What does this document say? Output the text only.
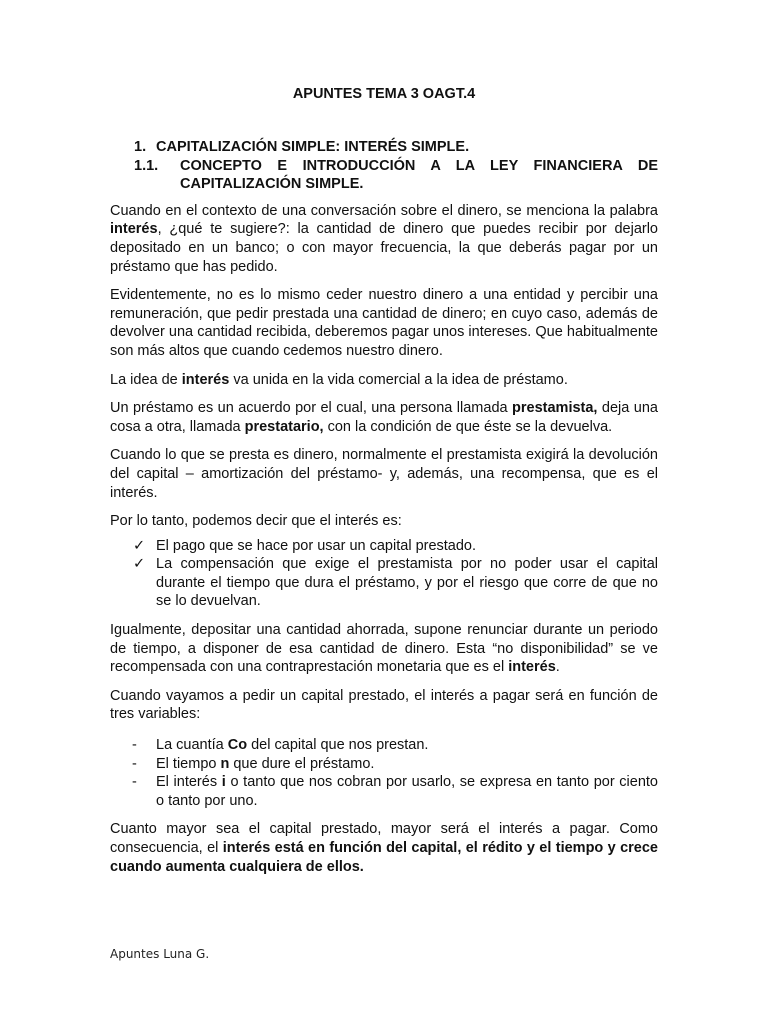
APUNTES TEMA 3 OAGT.4
1. CAPITALIZACIÓN SIMPLE: INTERÉS SIMPLE.
1.1.	CONCEPTO E INTRODUCCIÓN A LA LEY FINANCIERA DE CAPITALIZACIÓN SIMPLE.

Cuando en el contexto de una conversación sobre el dinero, se menciona la palabra interés, ¿qué te sugiere?: la cantidad de dinero que puedes recibir por dejarlo depositado en un banco; o con mayor frecuencia, la que deberás pagar por un préstamo que has pedido.

Evidentemente, no es lo mismo ceder nuestro dinero a una entidad y percibir una remuneración, que pedir prestada una cantidad de dinero; en cuyo caso, además de devolver una cantidad recibida, deberemos pagar unos intereses. Que habitualmente son más altos que cuando cedemos nuestro dinero.

La idea de interés va unida en la vida comercial a la idea de préstamo.

Un préstamo es un acuerdo por el cual, una persona llamada prestamista, deja una cosa a otra, llamada prestatario, con la condición de que éste se la devuelva.

Cuando lo que se presta es dinero, normalmente el prestamista exigirá la devolución del capital – amortización del préstamo- y, además, una recompensa, que es el interés.

Por lo tanto, podemos decir que el interés es:

✓ El pago que se hace por usar un capital prestado.
✓ La compensación que exige el prestamista por no poder usar el capital durante el tiempo que dura el préstamo, y por el riesgo que corre de que no se lo devuelvan.

Igualmente, depositar una cantidad ahorrada, supone renunciar durante un periodo de tiempo, a disponer de esa cantidad de dinero. Esta “no disponibilidad” se ve recompensada con una contraprestación monetaria que es el interés.

Cuando vayamos a pedir un capital prestado, el interés a pagar será en función de tres variables:

-	La cuantía Co del capital que nos prestan.
-	El tiempo n que dure el préstamo.
-	El interés i o tanto que nos cobran por usarlo, se expresa en tanto por ciento o tanto por uno.

Cuanto mayor sea el capital prestado, mayor será el interés a pagar. Como consecuencia, el interés está en función del capital, el rédito y el tiempo y crece cuando aumenta cualquiera de ellos.

Apuntes Luna G.
